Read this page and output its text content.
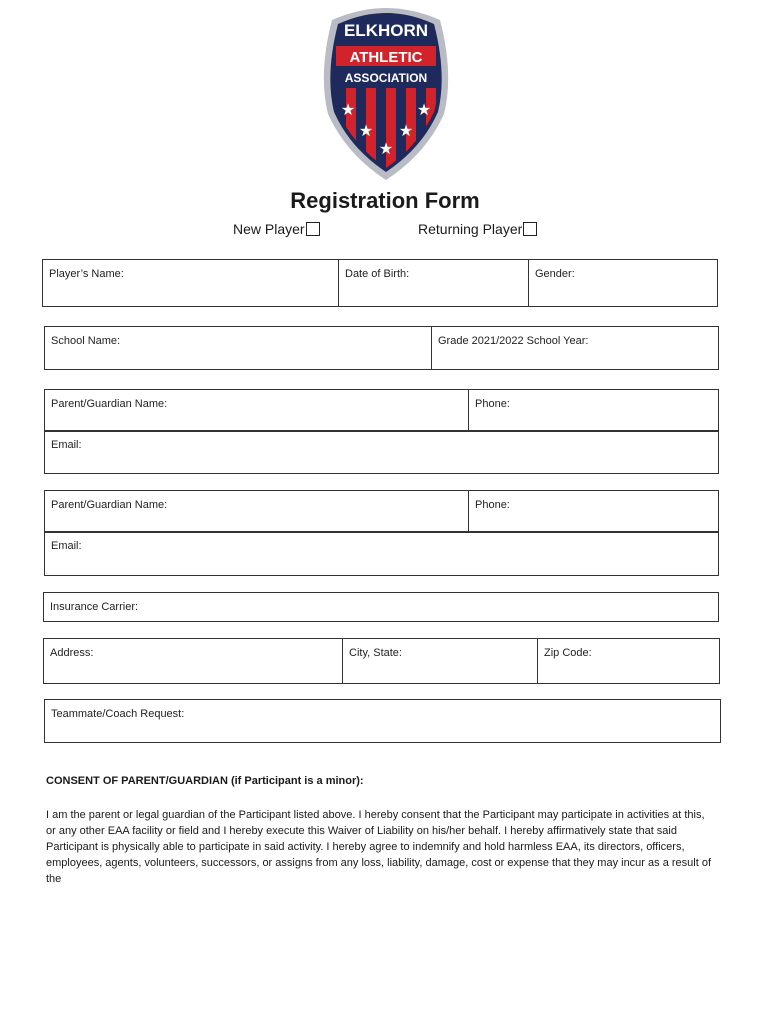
ELKHORN
ATHLETIC
ASSOCIATION
★	★
★ ★
★
Registration Form
New Player	Returning Player
Player’s Name:	Date of Birth:	Gender:
School Name:	Grade 2021/2022 School Year:
Parent/Guardian Name:	Phone:
Email:
Parent/Guardian Name:	Phone:
Email:
Insurance Carrier:
Address:	City, State:	Zip Code:
Teammate/Coach Request:
CONSENT OF PARENT/GUARDIAN (if Participant is a minor):
I am the parent or legal guardian of the Participant listed above. I hereby consent that the Participant may participate in activities at this, or any other EAA facility or field and I hereby execute this Waiver of Liability on his/her behalf. I hereby affirmatively state that said Participant is physically able to participate in said activity. I hereby agree to indemnify and hold harmless EAA, its directors, officers, employees, agents, volunteers, successors, or assigns from any loss, liability, damage, cost or expense that they may incur as a result of the
